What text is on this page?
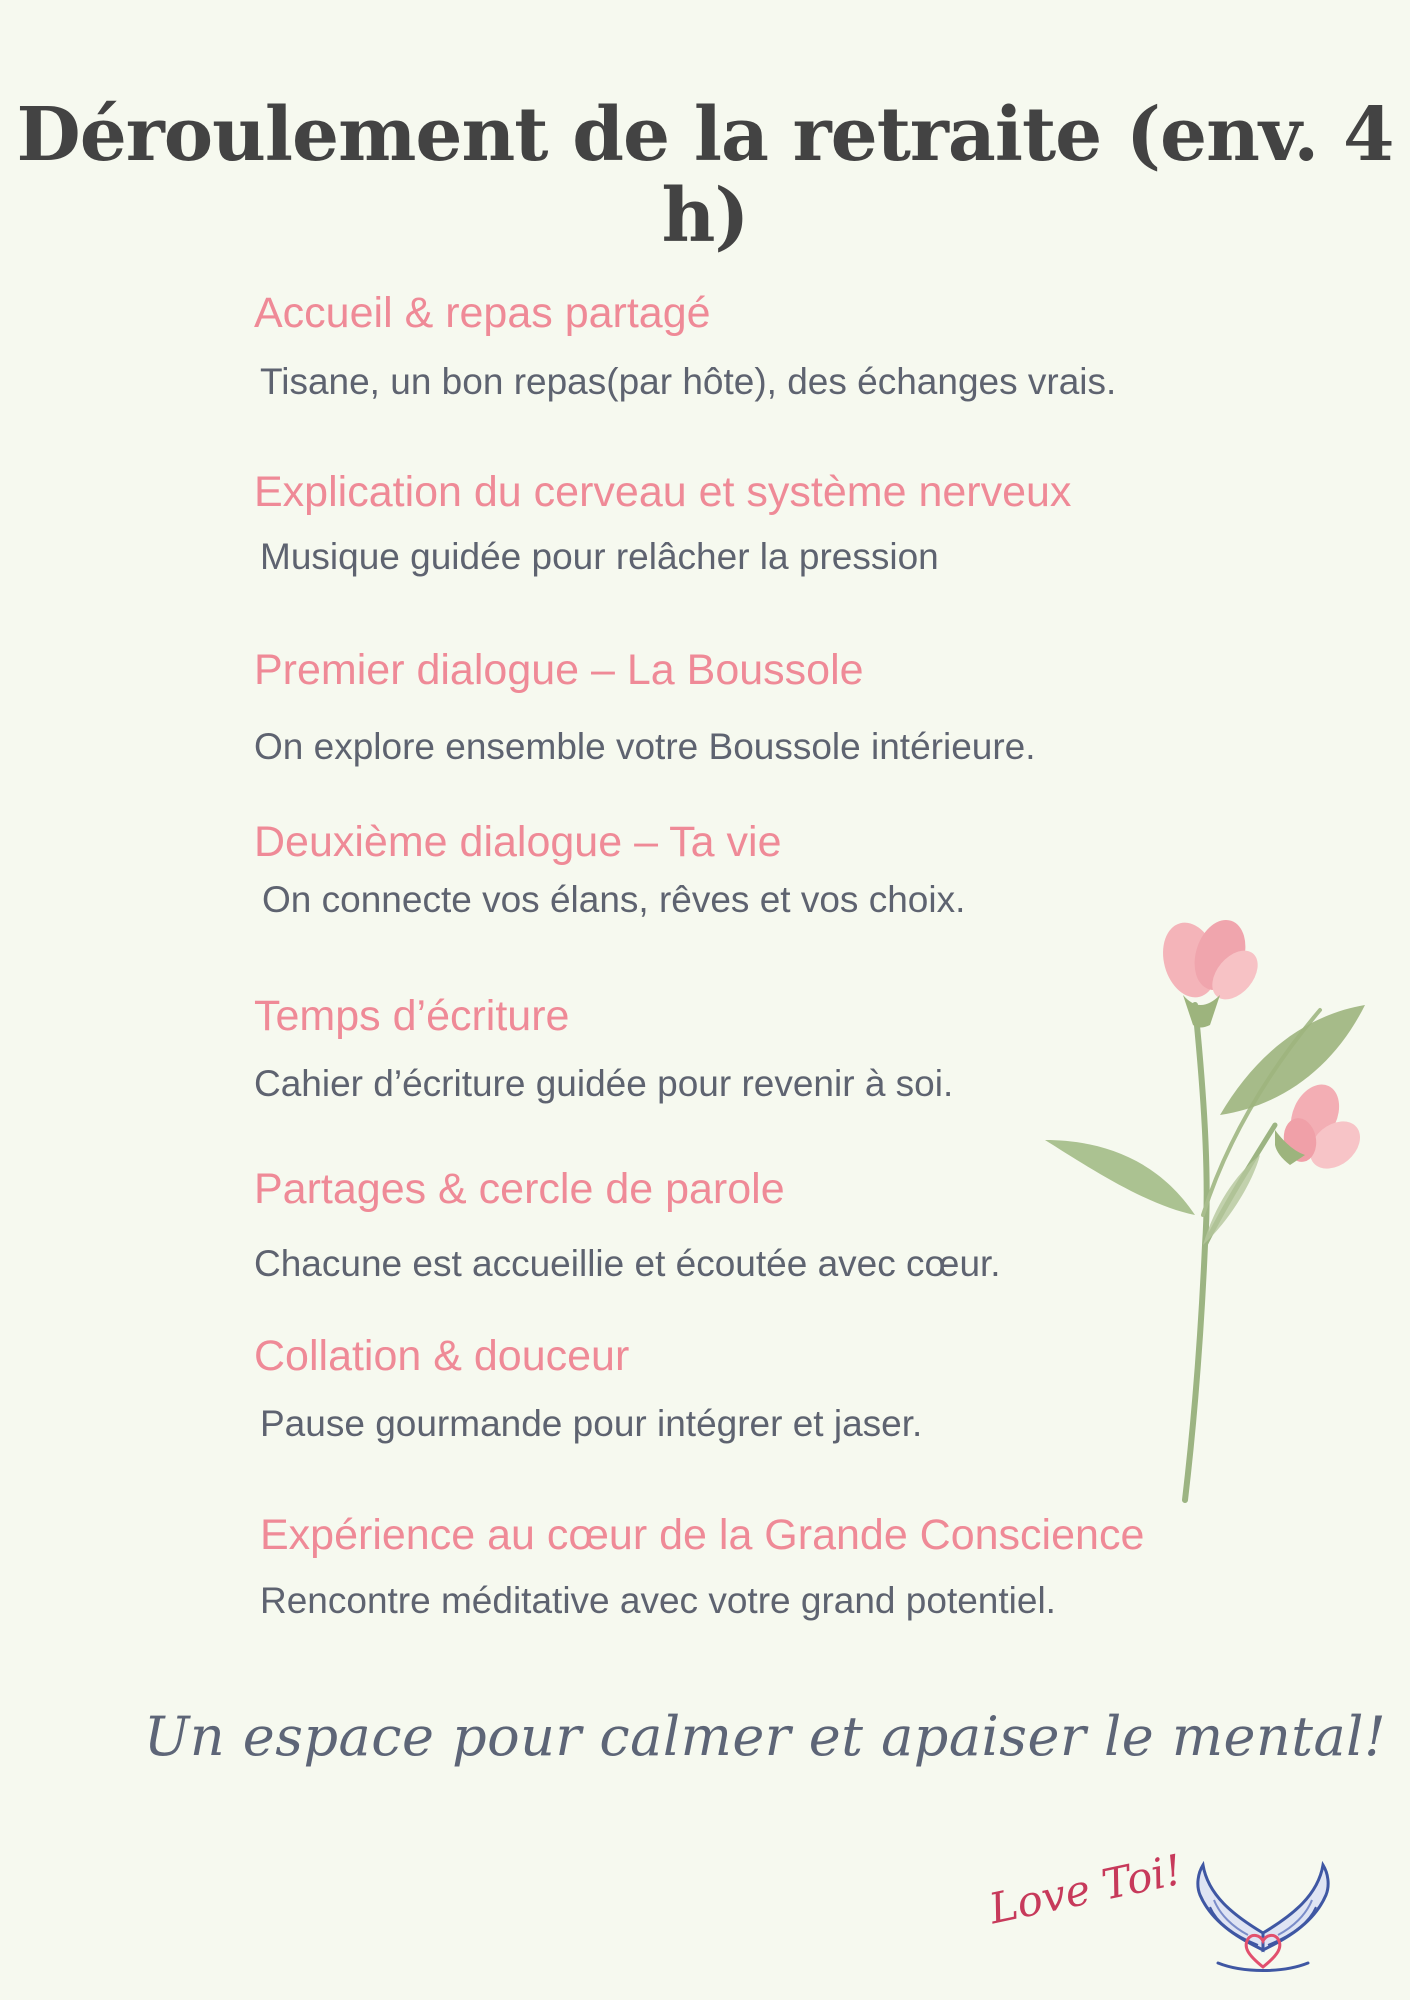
Déroulement de la retraite (env. 4 h)
Accueil & repas partagé
Tisane, un bon repas(par hôte), des échanges vrais.
Explication du cerveau et système nerveux
Musique guidée pour relâcher la pression
Premier dialogue – La Boussole
On explore ensemble votre Boussole intérieure.
Deuxième dialogue – Ta vie
On connecte vos élans, rêves et vos choix.
Temps d’écriture
Cahier d’écriture guidée pour revenir à soi.
Partages & cercle de parole
Chacune est accueillie et écoutée avec cœur.
Collation & douceur
Pause gourmande pour intégrer et jaser.
Expérience au cœur de la Grande Conscience
Rencontre méditative avec votre grand potentiel.
Un espace pour calmer et apaiser le mental!
Love Toi!
